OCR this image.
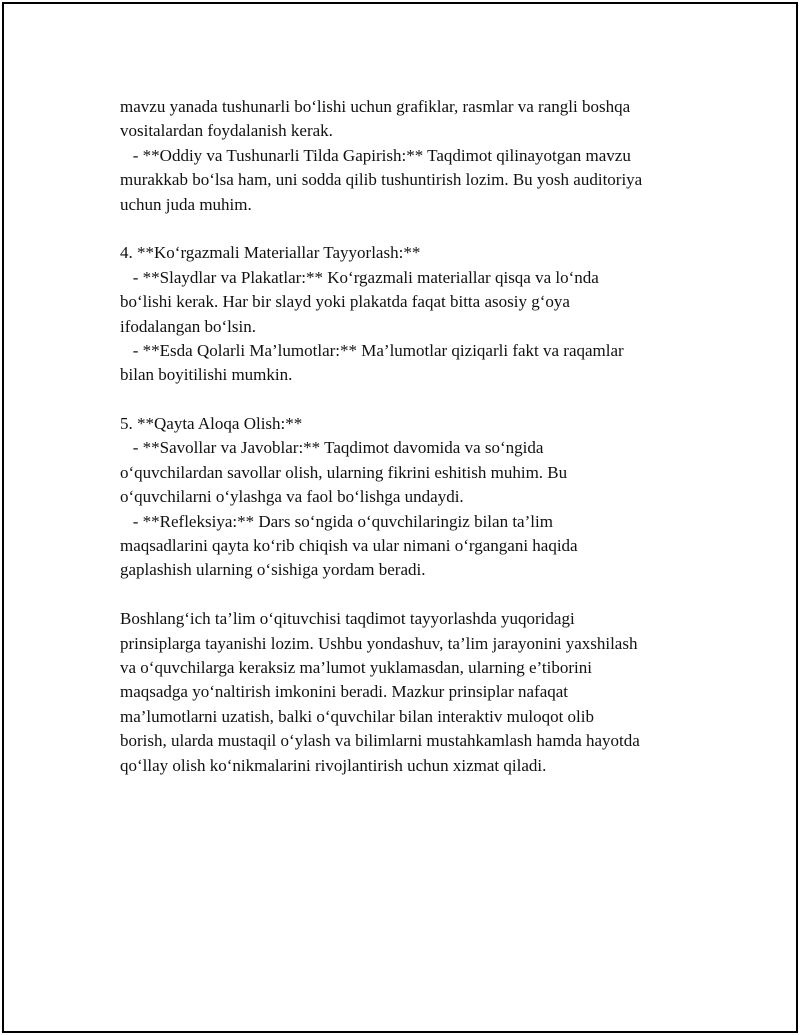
mavzu yanada tushunarli bo‘lishi uchun grafiklar, rasmlar va rangli boshqa
vositalardan foydalanish kerak.
- **Oddiy va Tushunarli Tilda Gapirish:** Taqdimot qilinayotgan mavzu
murakkab bo‘lsa ham, uni sodda qilib tushuntirish lozim. Bu yosh auditoriya
uchun juda muhim.
4. **Ko‘rgazmali Materiallar Tayyorlash:**
- **Slaydlar va Plakatlar:** Ko‘rgazmali materiallar qisqa va lo‘nda
bo‘lishi kerak. Har bir slayd yoki plakatda faqat bitta asosiy g‘oya
ifodalangan bo‘lsin.
- **Esda Qolarli Ma’lumotlar:** Ma’lumotlar qiziqarli fakt va raqamlar
bilan boyitilishi mumkin.
5. **Qayta Aloqa Olish:**
- **Savollar va Javoblar:** Taqdimot davomida va so‘ngida
o‘quvchilardan savollar olish, ularning fikrini eshitish muhim. Bu
o‘quvchilarni o‘ylashga va faol bo‘lishga undaydi.
- **Refleksiya:** Dars so‘ngida o‘quvchilaringiz bilan ta’lim
maqsadlarini qayta ko‘rib chiqish va ular nimani o‘rgangani haqida
gaplashish ularning o‘sishiga yordam beradi.
Boshlang‘ich ta’lim o‘qituvchisi taqdimot tayyorlashda yuqoridagi
prinsiplarga tayanishi lozim. Ushbu yondashuv, ta’lim jarayonini yaxshilash
va o‘quvchilarga keraksiz ma’lumot yuklamasdan, ularning e’tiborini
maqsadga yo‘naltirish imkonini beradi. Mazkur prinsiplar nafaqat
ma’lumotlarni uzatish, balki o‘quvchilar bilan interaktiv muloqot olib
borish, ularda mustaqil o‘ylash va bilimlarni mustahkamlash hamda hayotda
qo‘llay olish ko‘nikmalarini rivojlantirish uchun xizmat qiladi.
